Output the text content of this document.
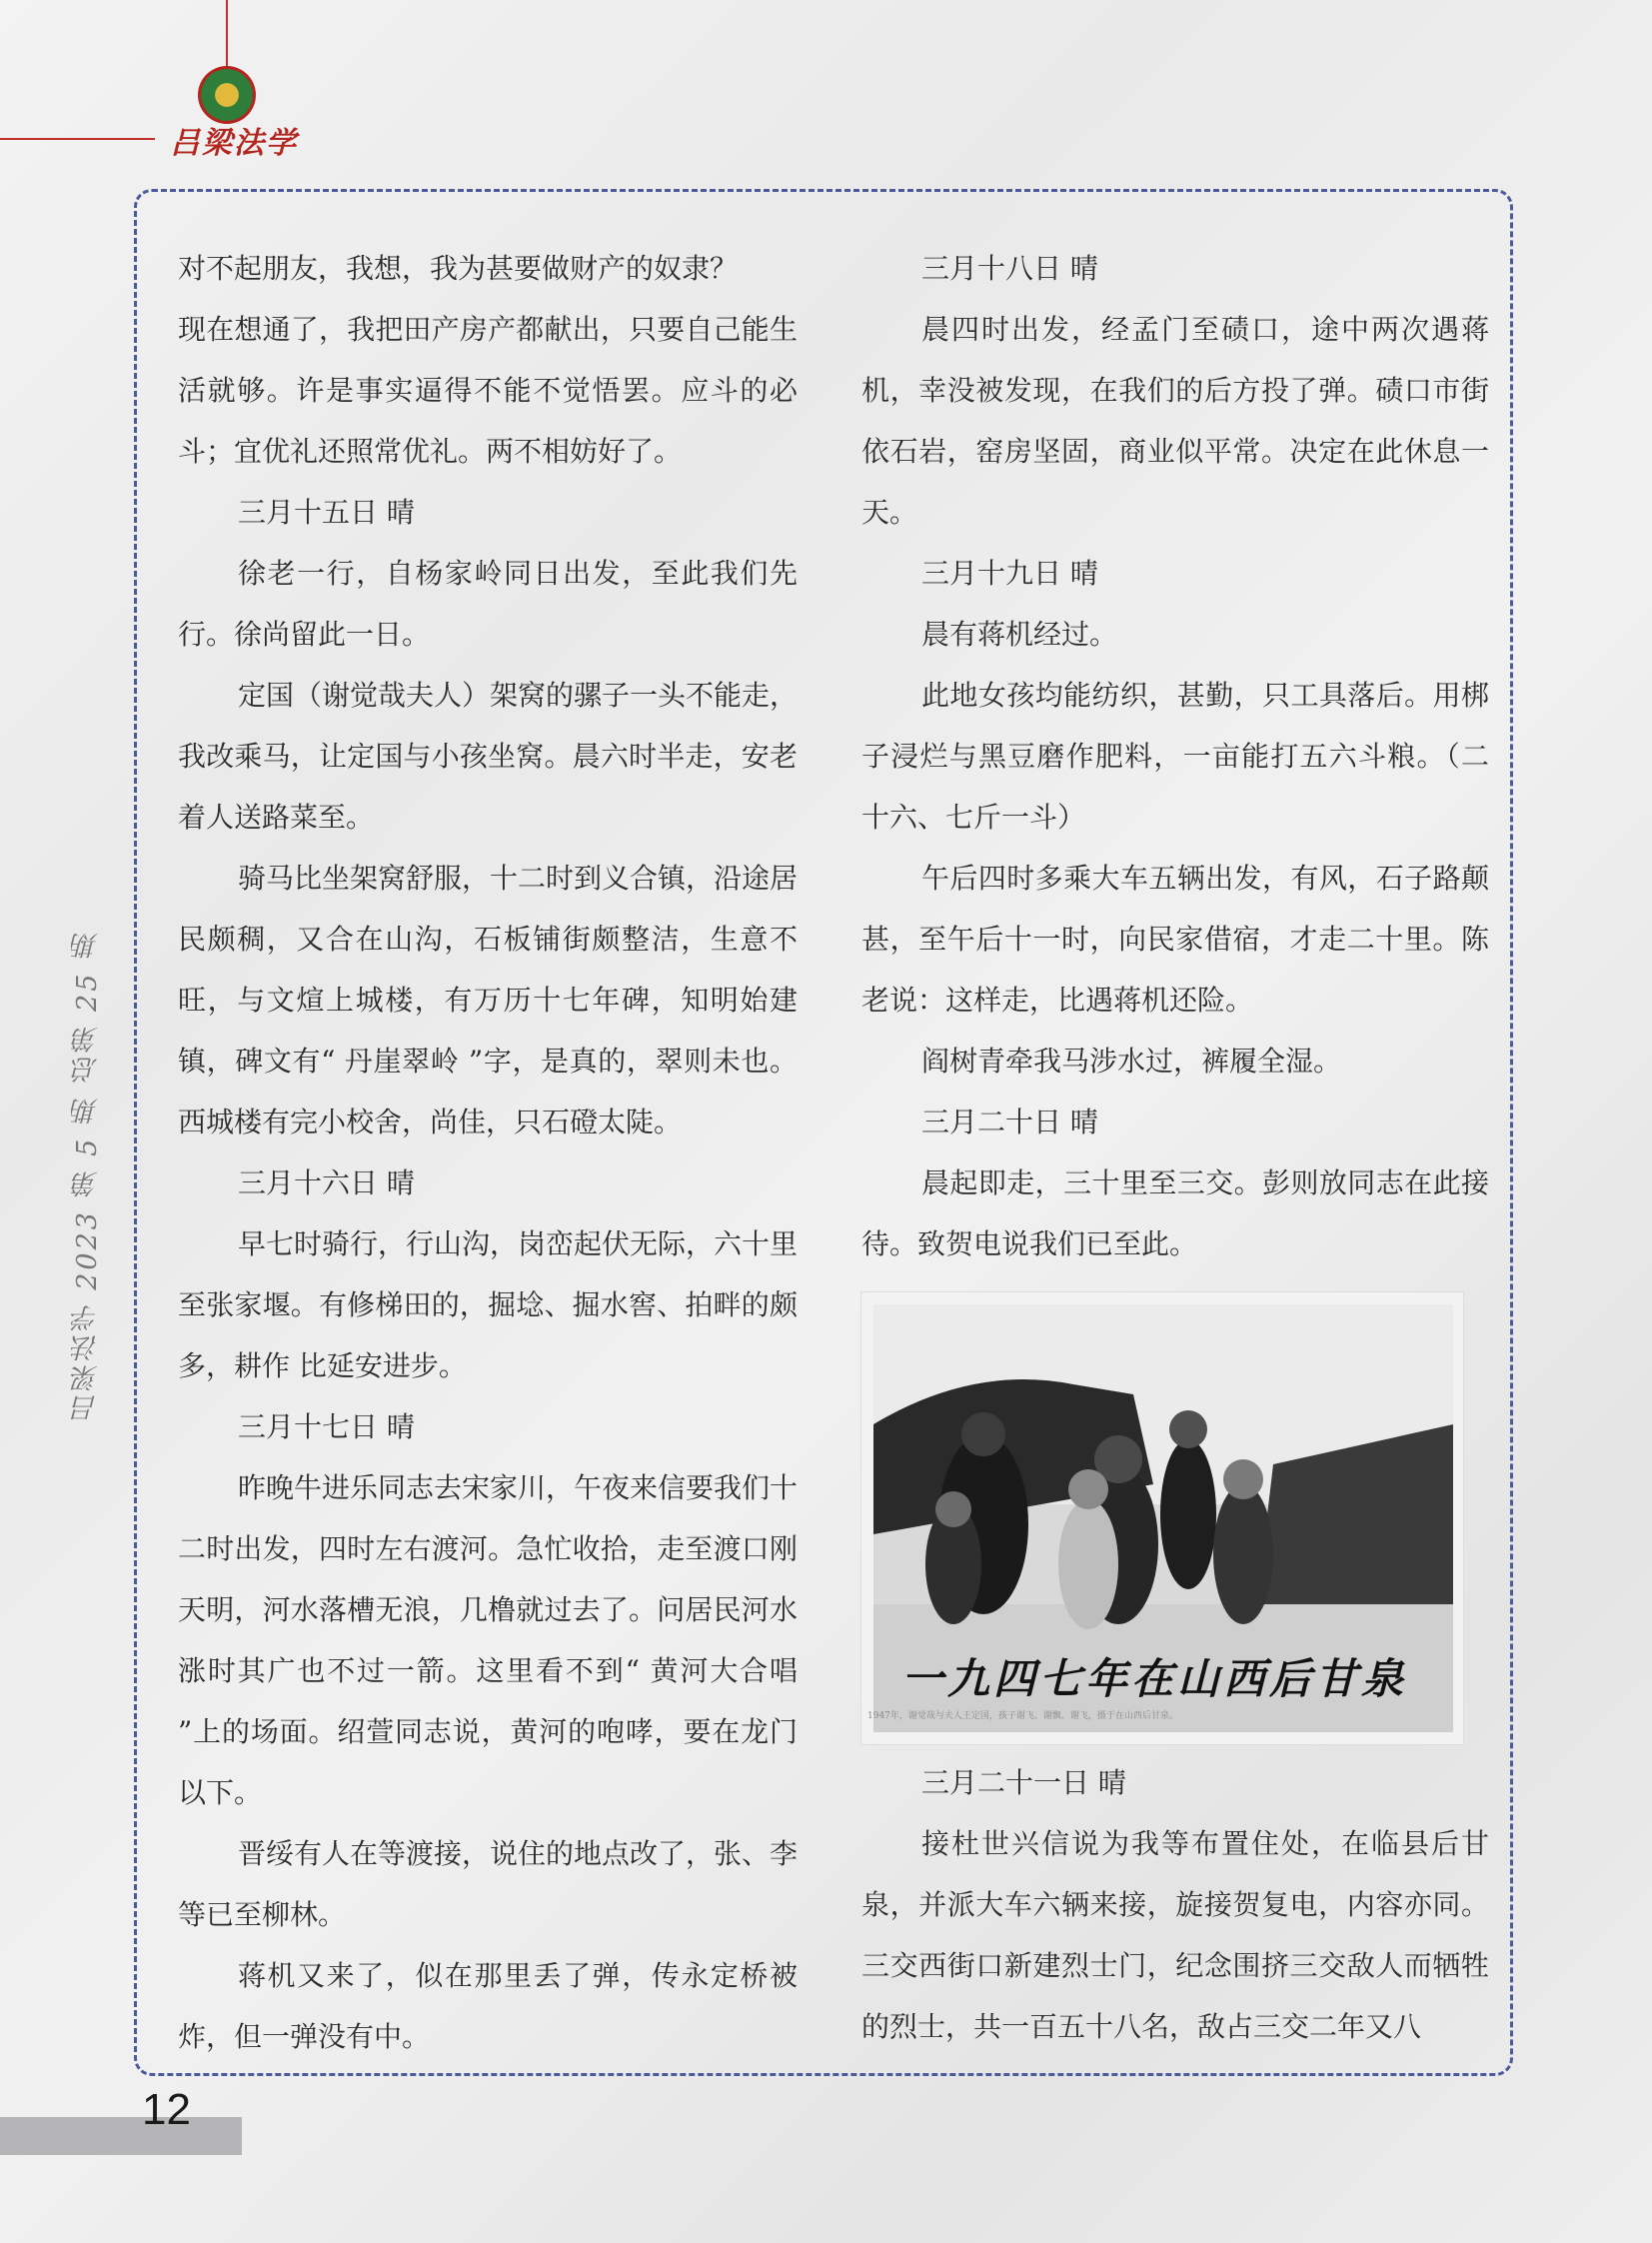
吕梁法学
吕梁法学 2023 第 5 期 总第 25 期

对不起朋友，我想，我为甚要做财产的奴隶？

现在想通了，我把田产房产都献出，只要自己能生活就够。许是事实逼得不能不觉悟罢。应斗的必斗；宜优礼还照常优礼。两不相妨好了。

三月十五日 晴

徐老一行，自杨家岭同日出发，至此我们先行。徐尚留此一日。

定国（谢觉哉夫人）架窝的骡子一头不能走，我改乘马，让定国与小孩坐窝。晨六时半走，安老着人送路菜至。

骑马比坐架窝舒服，十二时到义合镇，沿途居民颇稠，又合在山沟，石板铺街颇整洁，生意不旺，与文煊上城楼，有万历十七年碑，知明始建镇，碑文有“ 丹崖翠岭 ”字，是真的，翠则未也。西城楼有完小校舍，尚佳，只石磴太陡。

三月十六日 晴

早七时骑行，行山沟，岗峦起伏无际，六十里至张家堰。有修梯田的，掘埝、掘水窖、拍畔的颇多，耕作 比延安进步。

三月十七日 晴

昨晚牛进乐同志去宋家川，午夜来信要我们十二时出发，四时左右渡河。急忙收拾，走至渡口刚天明，河水落槽无浪，几橹就过去了。问居民河水涨时其广也不过一箭。这里看不到“ 黄河大合唱 ”上的场面。绍萱同志说，黄河的咆哮，要在龙门以下。

晋绥有人在等渡接，说住的地点改了，张、李等已至柳林。

蒋机又来了，似在那里丢了弹，传永定桥被炸，但一弹没有中。

三月十八日 晴

晨四时出发，经孟门至碛口，途中两次遇蒋机，幸没被发现，在我们的后方投了弹。碛口市街依石岩，窑房坚固，商业似平常。决定在此休息一天。

三月十九日 晴

晨有蒋机经过。

此地女孩均能纺织，甚勤，只工具落后。用梆子浸烂与黑豆磨作肥料，一亩能打五六斗粮。（二十六、七斤一斗）

午后四时多乘大车五辆出发，有风，石子路颠甚，至午后十一时，向民家借宿，才走二十里。陈老说：这样走，比遇蒋机还险。

阎树青牵我马涉水过，裤履全湿。

三月二十日 晴

晨起即走，三十里至三交。彭则放同志在此接待。致贺电说我们已至此。

一九四七年在山西后甘泉
1947年，谢觉哉与夫人王定国，孩子谢飞、谢飘、谢飞，摄于在山西后甘泉。

三月二十一日 晴

接杜世兴信说为我等布置住处，在临县后甘泉，并派大车六辆来接，旋接贺复电，内容亦同。三交西街口新建烈士门，纪念围挤三交敌人而牺牲的烈士，共一百五十八名，敌占三交二年又八

12
